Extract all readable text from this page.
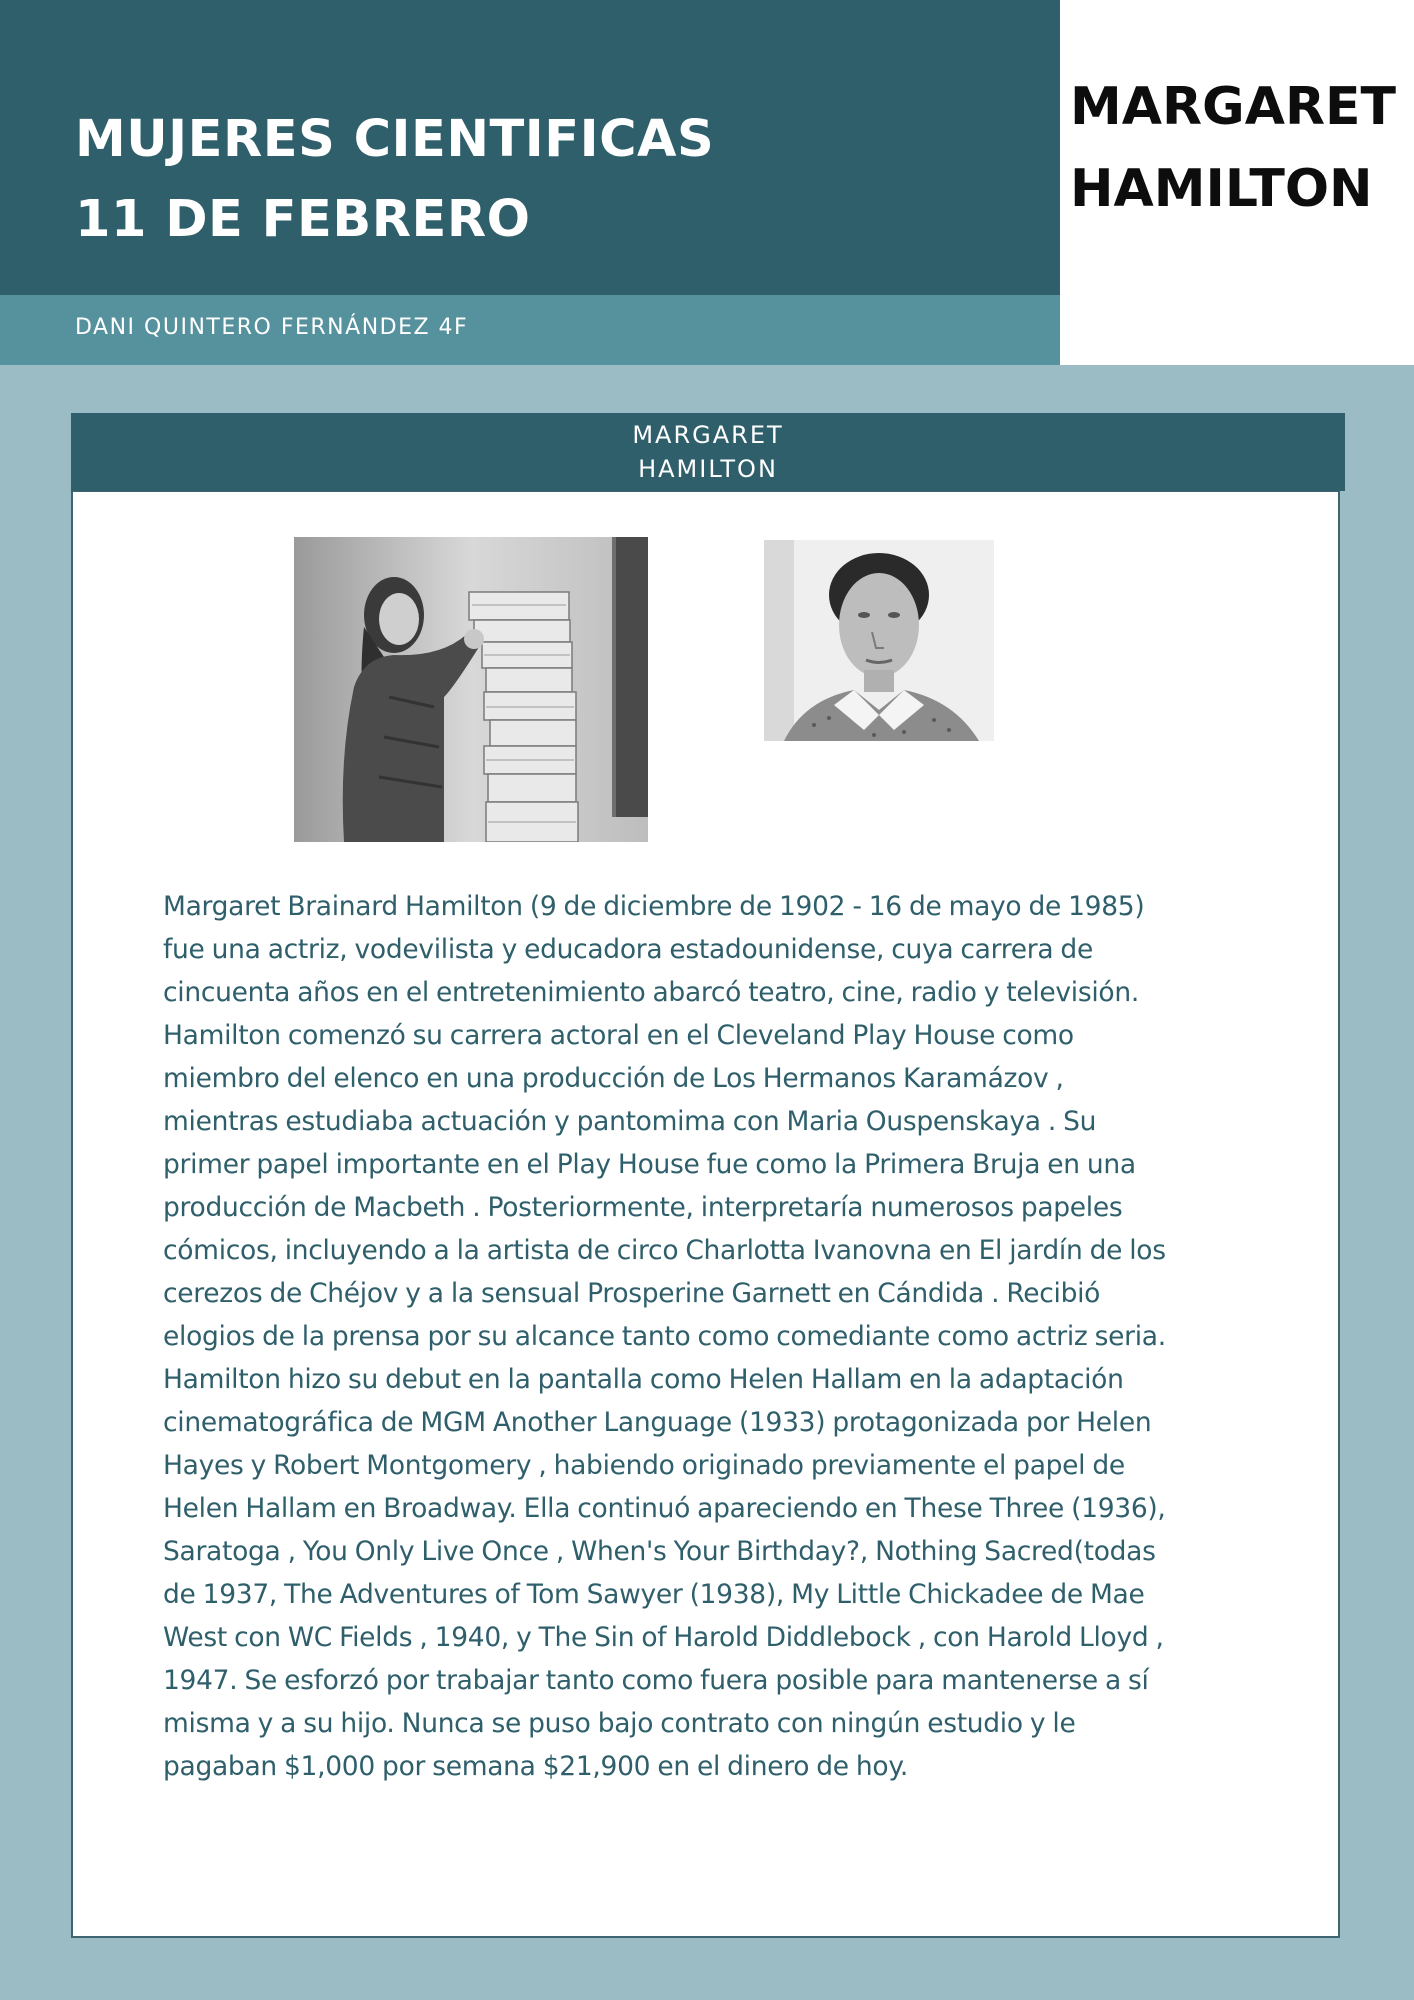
MUJERES CIENTIFICAS
11 DE FEBRERO
DANI QUINTERO FERNÁNDEZ 4F
MARGARET
HAMILTON
MARGARET
HAMILTON

Margaret Brainard Hamilton (9 de diciembre de 1902 - 16 de mayo de 1985)
fue una actriz, vodevilista y educadora estadounidense, cuya carrera de
cincuenta años en el entretenimiento abarcó teatro, cine, radio y televisión.
Hamilton comenzó su carrera actoral en el Cleveland Play House como
miembro del elenco en una producción de Los Hermanos Karamázov ,
mientras estudiaba actuación y pantomima con Maria Ouspenskaya . Su
primer papel importante en el Play House fue como la Primera Bruja en una
producción de Macbeth . Posteriormente, interpretaría numerosos papeles
cómicos, incluyendo a la artista de circo Charlotta Ivanovna en El jardín de los
cerezos de Chéjov y a la sensual Prosperine Garnett en Cándida . Recibió
elogios de la prensa por su alcance tanto como comediante como actriz seria.
Hamilton hizo su debut en la pantalla como Helen Hallam en la adaptación
cinematográfica de MGM Another Language (1933) protagonizada por Helen
Hayes y Robert Montgomery , habiendo originado previamente el papel de
Helen Hallam en Broadway. Ella continuó apareciendo en These Three (1936),
Saratoga , You Only Live Once , When's Your Birthday?, Nothing Sacred(todas
de 1937, The Adventures of Tom Sawyer (1938), My Little Chickadee de Mae
West con WC Fields , 1940, y The Sin of Harold Diddlebock , con Harold Lloyd ,
1947. Se esforzó por trabajar tanto como fuera posible para mantenerse a sí
misma y a su hijo. Nunca se puso bajo contrato con ningún estudio y le
pagaban $1,000 por semana $21,900 en el dinero de hoy.
